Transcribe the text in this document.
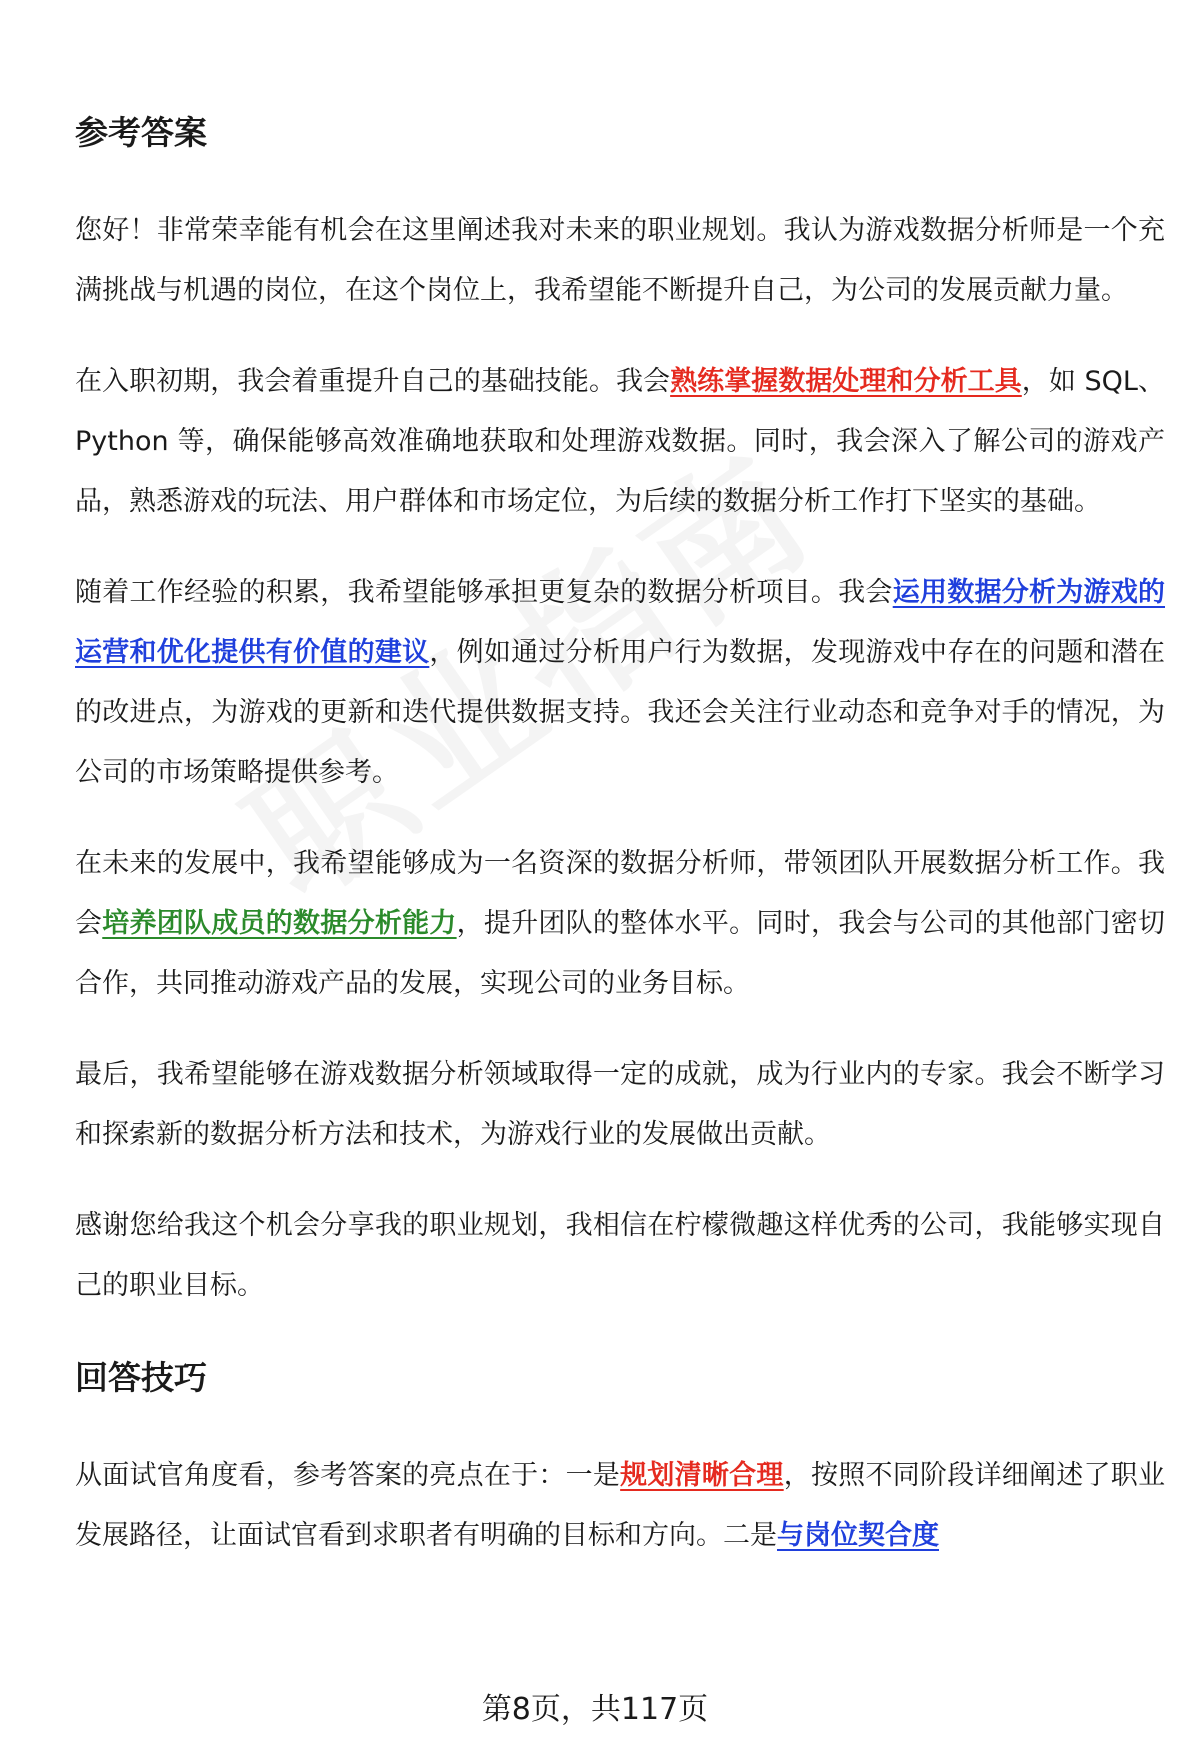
参考答案

您好！非常荣幸能有机会在这里阐述我对未来的职业规划。我认为游戏数据分析师是一个充满挑战与机遇的岗位，在这个岗位上，我希望能不断提升自己，为公司的发展贡献力量。

在入职初期，我会着重提升自己的基础技能。我会熟练掌握数据处理和分析工具，如 SQL、Python 等，确保能够高效准确地获取和处理游戏数据。同时，我会深入了解公司的游戏产品，熟悉游戏的玩法、用户群体和市场定位，为后续的数据分析工作打下坚实的基础。

随着工作经验的积累，我希望能够承担更复杂的数据分析项目。我会运用数据分析为游戏的运营和优化提供有价值的建议，例如通过分析用户行为数据，发现游戏中存在的问题和潜在的改进点，为游戏的更新和迭代提供数据支持。我还会关注行业动态和竞争对手的情况，为公司的市场策略提供参考。

在未来的发展中，我希望能够成为一名资深的数据分析师，带领团队开展数据分析工作。我会培养团队成员的数据分析能力，提升团队的整体水平。同时，我会与公司的其他部门密切合作，共同推动游戏产品的发展，实现公司的业务目标。

最后，我希望能够在游戏数据分析领域取得一定的成就，成为行业内的专家。我会不断学习和探索新的数据分析方法和技术，为游戏行业的发展做出贡献。

感谢您给我这个机会分享我的职业规划，我相信在柠檬微趣这样优秀的公司，我能够实现自己的职业目标。

回答技巧

从面试官角度看，参考答案的亮点在于：一是规划清晰合理，按照不同阶段详细阐述了职业发展路径，让面试官看到求职者有明确的目标和方向。二是与岗位契合度

第8页，共117页
